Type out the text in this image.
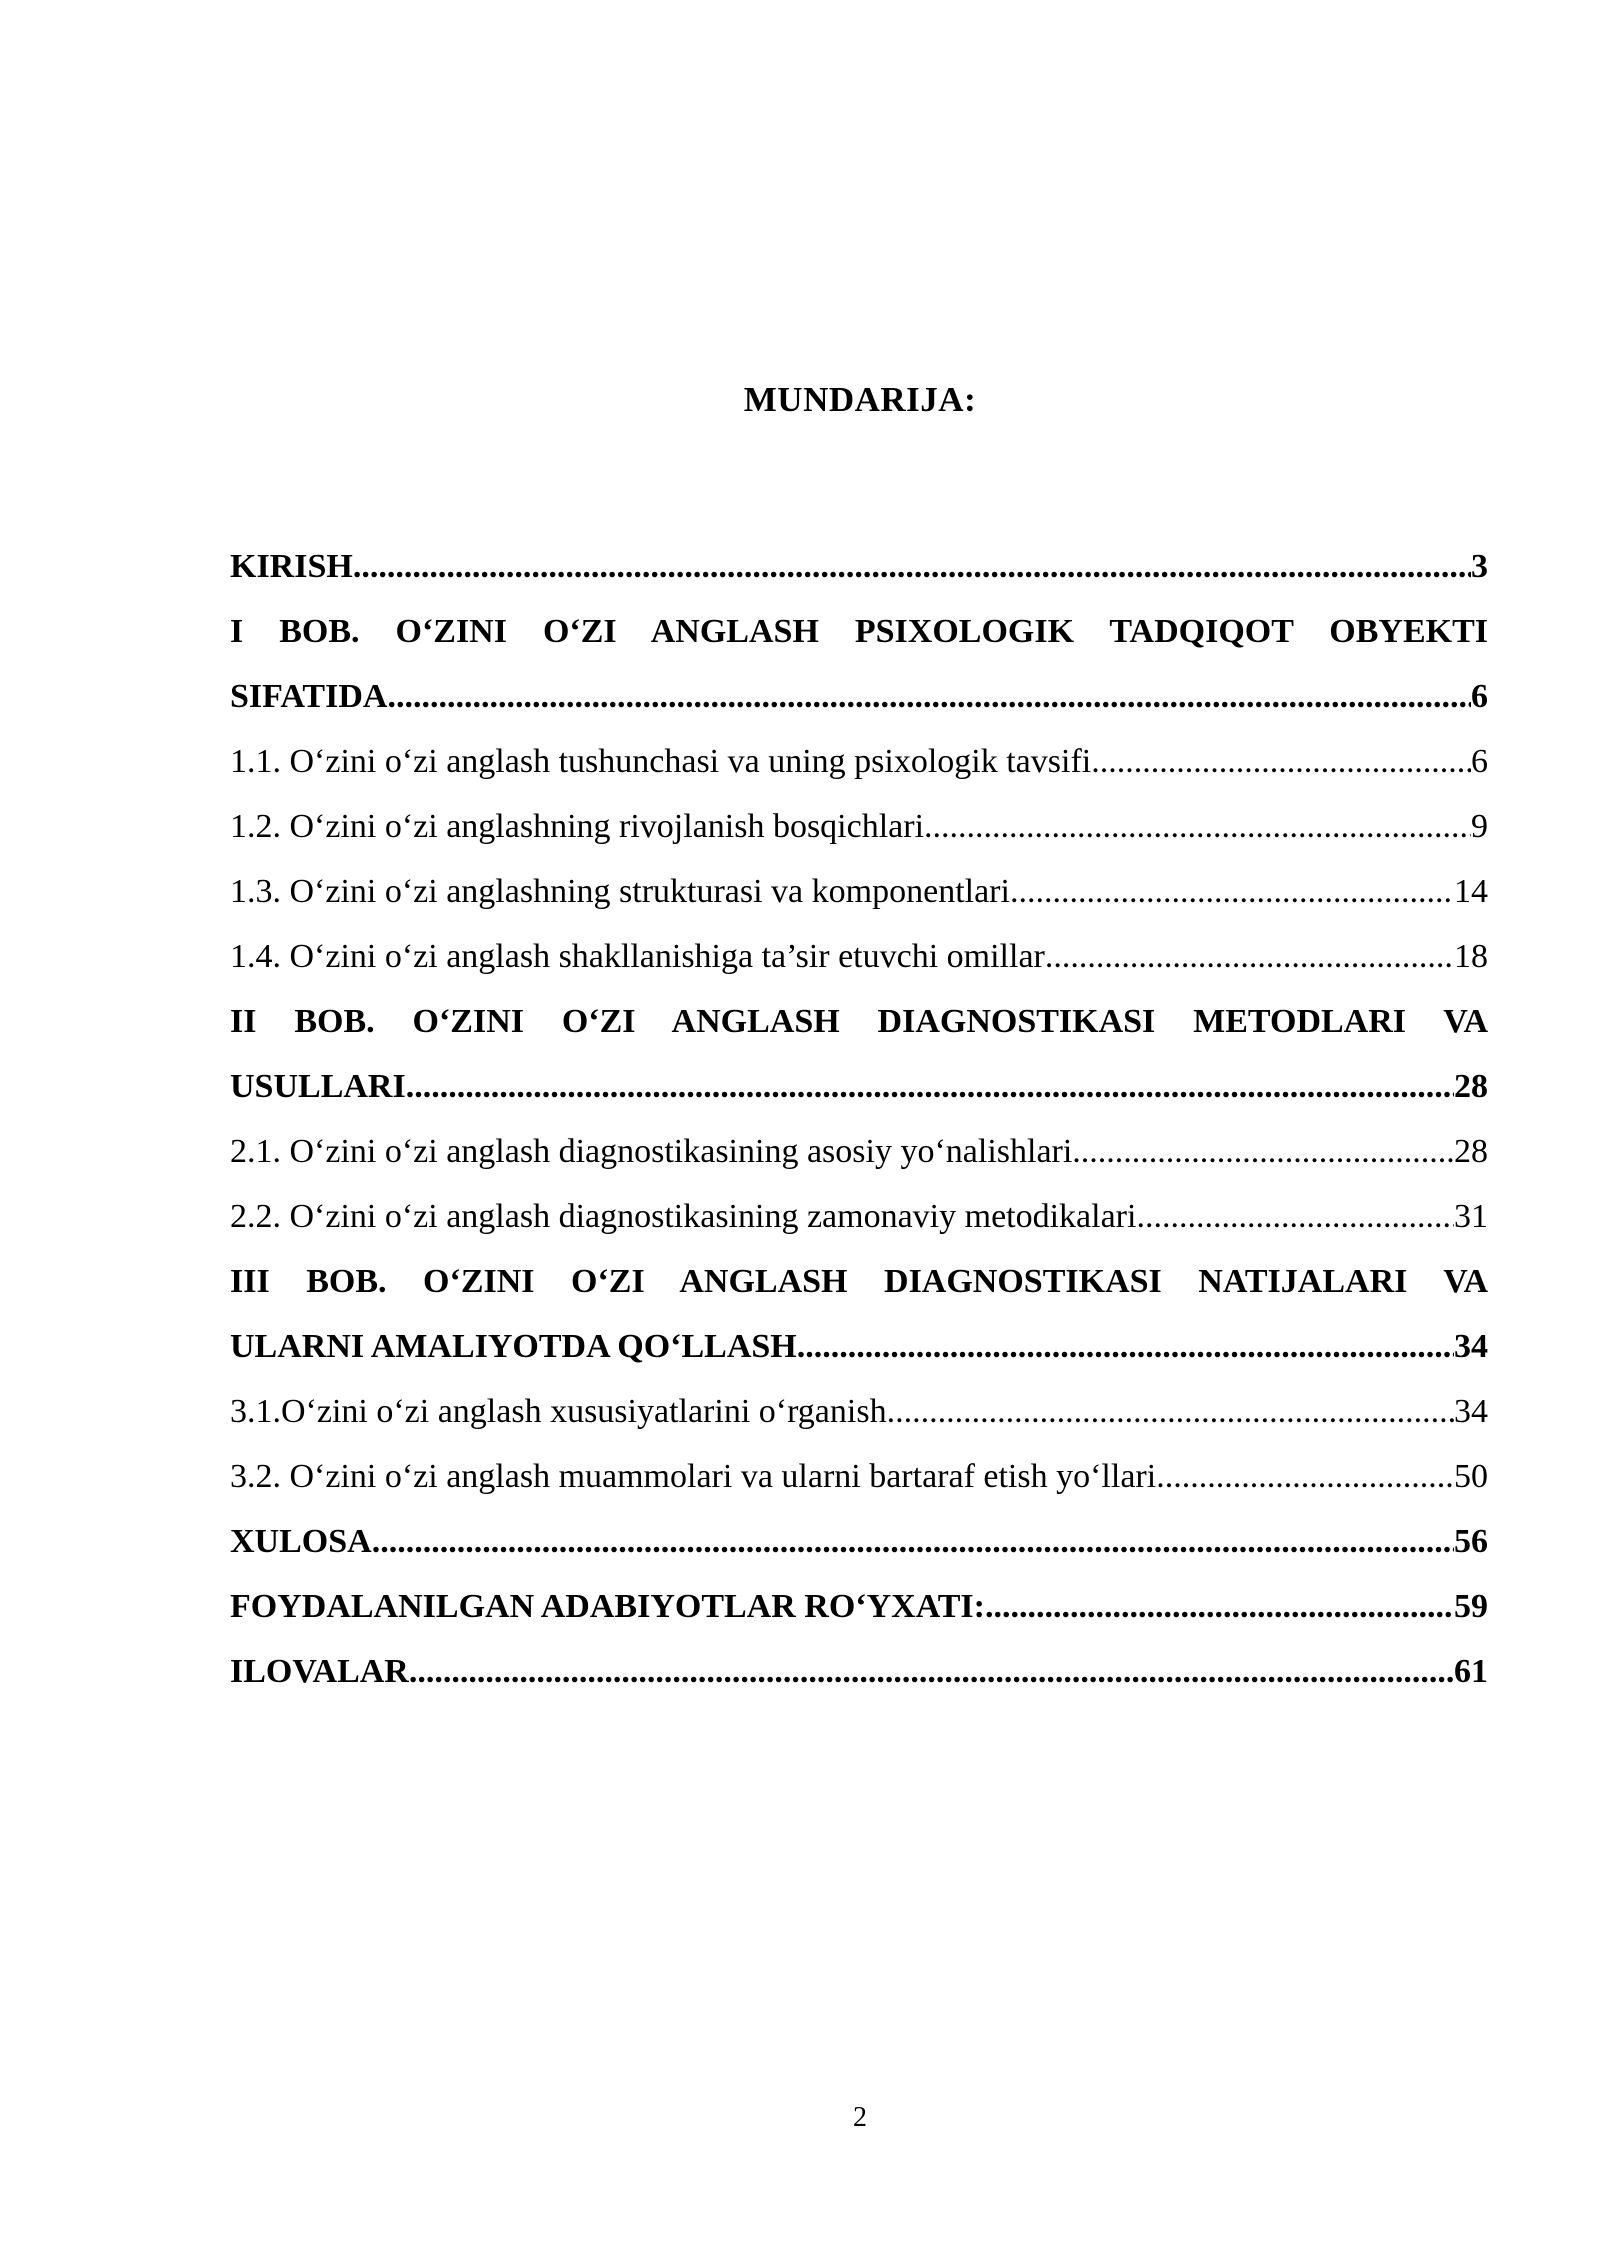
MUNDARIJA:
KIRISH .....	3
I BOB. O‘ZINI O‘ZI ANGLASH PSIXOLOGIK TADQIQOT OBYEKTI
SIFATIDA .....	6
1.1. O‘zini o‘zi anglash tushunchasi va uning psixologik tavsifi .....	6
1.2. O‘zini o‘zi anglashning rivojlanish bosqichlari .....	9
1.3. O‘zini o‘zi anglashning strukturasi va komponentlari .....	14
1.4. O‘zini o‘zi anglash shakllanishiga ta’sir etuvchi omillar .....	18
II BOB. O‘ZINI O‘ZI ANGLASH DIAGNOSTIKASI METODLARI VA
USULLARI .....	28
2.1. O‘zini o‘zi anglash diagnostikasining asosiy yo‘nalishlari .....	28
2.2. O‘zini o‘zi anglash diagnostikasining zamonaviy metodikalari .....	31
III BOB. O‘ZINI O‘ZI ANGLASH DIAGNOSTIKASI NATIJALARI VA
ULARNI AMALIYOTDA QO‘LLASH .....	34
3.1.O‘zini o‘zi anglash xususiyatlarini o‘rganish .....	34
3.2. O‘zini o‘zi anglash muammolari va ularni bartaraf etish yo‘llari .....	50
XULOSA .....	56
FOYDALANILGAN ADABIYOTLAR RO‘YXATI: .....	59
ILOVALAR .....	61
2
